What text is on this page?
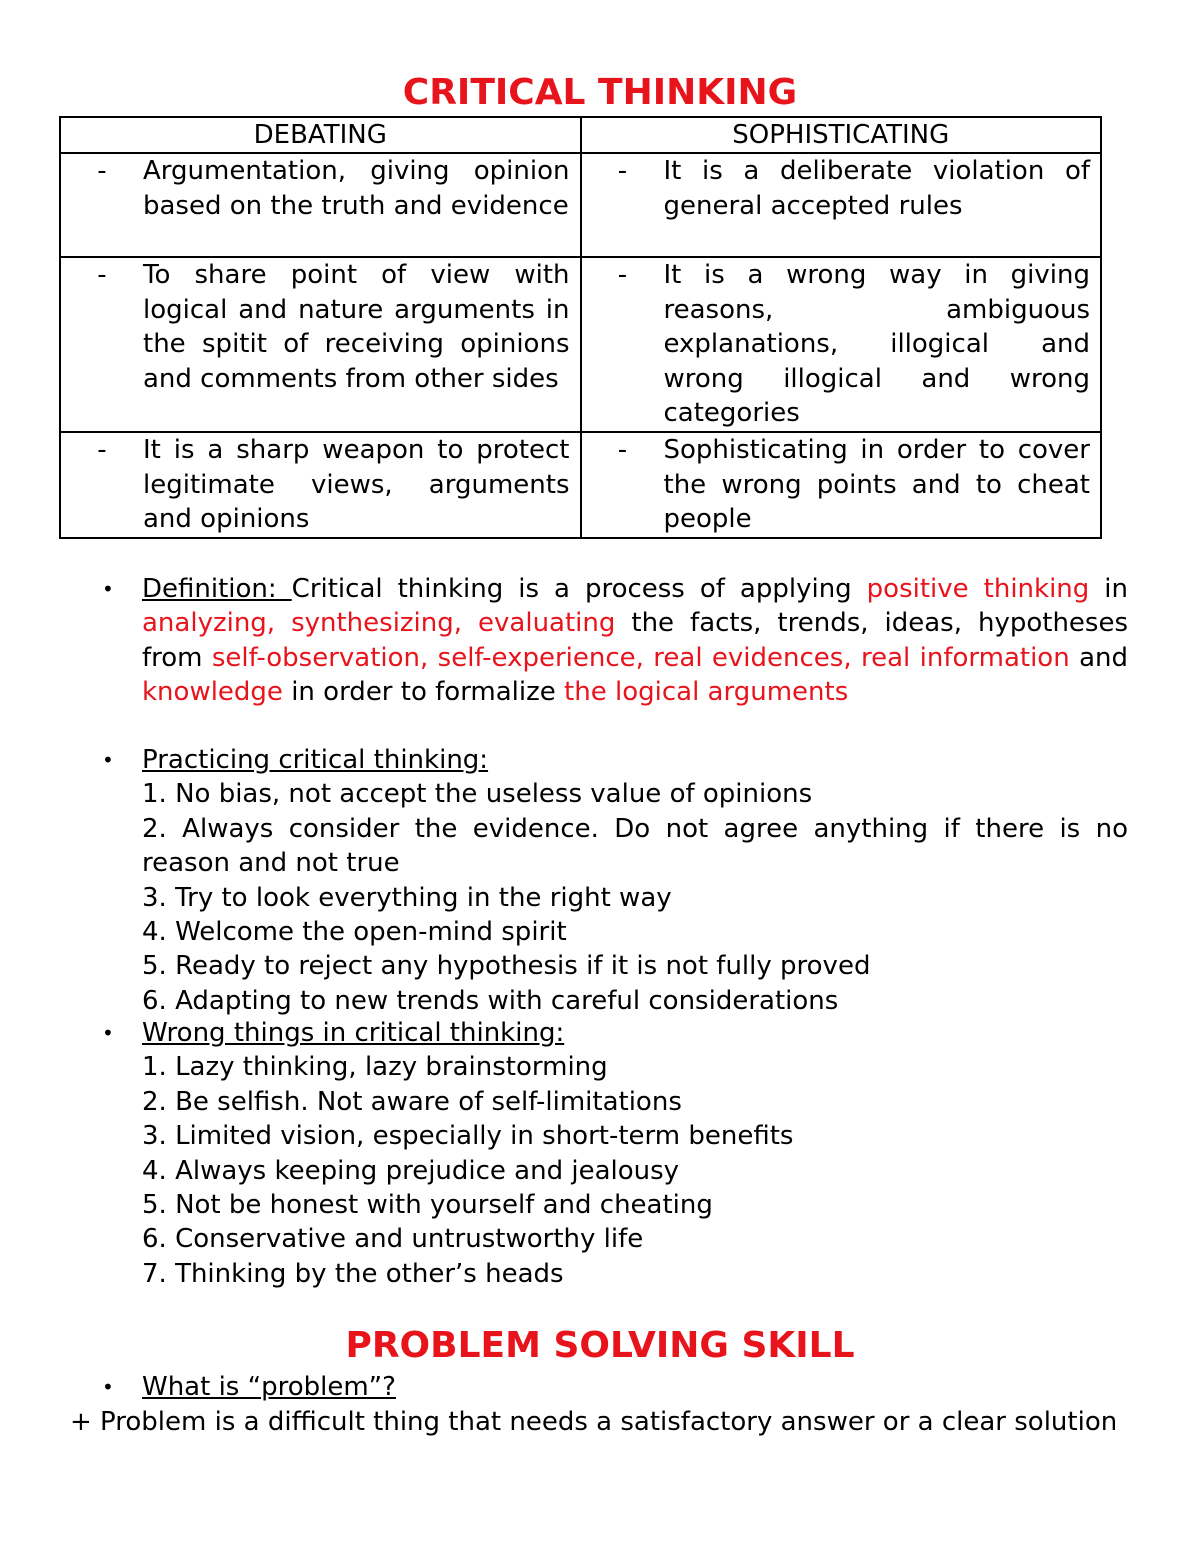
CRITICAL THINKING
DEBATING	SOPHISTICATING

- Argumentation, giving opinion based on the truth and evidence	- It is a deliberate violation of general accepted rules

- To share point of view with logical and nature arguments in the spitit of receiving opinions and comments from other sides	- It is a wrong way in giving reasons, ambiguous explanations, illogical and wrong illogical and wrong categories

- It is a sharp weapon to protect legitimate views, arguments and opinions	- Sophisticating in order to cover the wrong points and to cheat people
• Definition: Critical thinking is a process of applying positive thinking in analyzing, synthesizing, evaluating the facts, trends, ideas, hypotheses from self-observation, self-experience, real evidences, real information and knowledge in order to formalize the logical arguments
• Practicing critical thinking:
1. No bias, not accept the useless value of opinions
2. Always consider the evidence. Do not agree anything if there is no reason and not true
3. Try to look everything in the right way
4. Welcome the open-mind spirit
5. Ready to reject any hypothesis if it is not fully proved
6. Adapting to new trends with careful considerations
• Wrong things in critical thinking:
1. Lazy thinking, lazy brainstorming
2. Be selfish. Not aware of self-limitations
3. Limited vision, especially in short-term benefits
4. Always keeping prejudice and jealousy
5. Not be honest with yourself and cheating
6. Conservative and untrustworthy life
7. Thinking by the other’s heads
PROBLEM SOLVING SKILL
• What is “problem”?
+ Problem is a difficult thing that needs a satisfactory answer or a clear solution
